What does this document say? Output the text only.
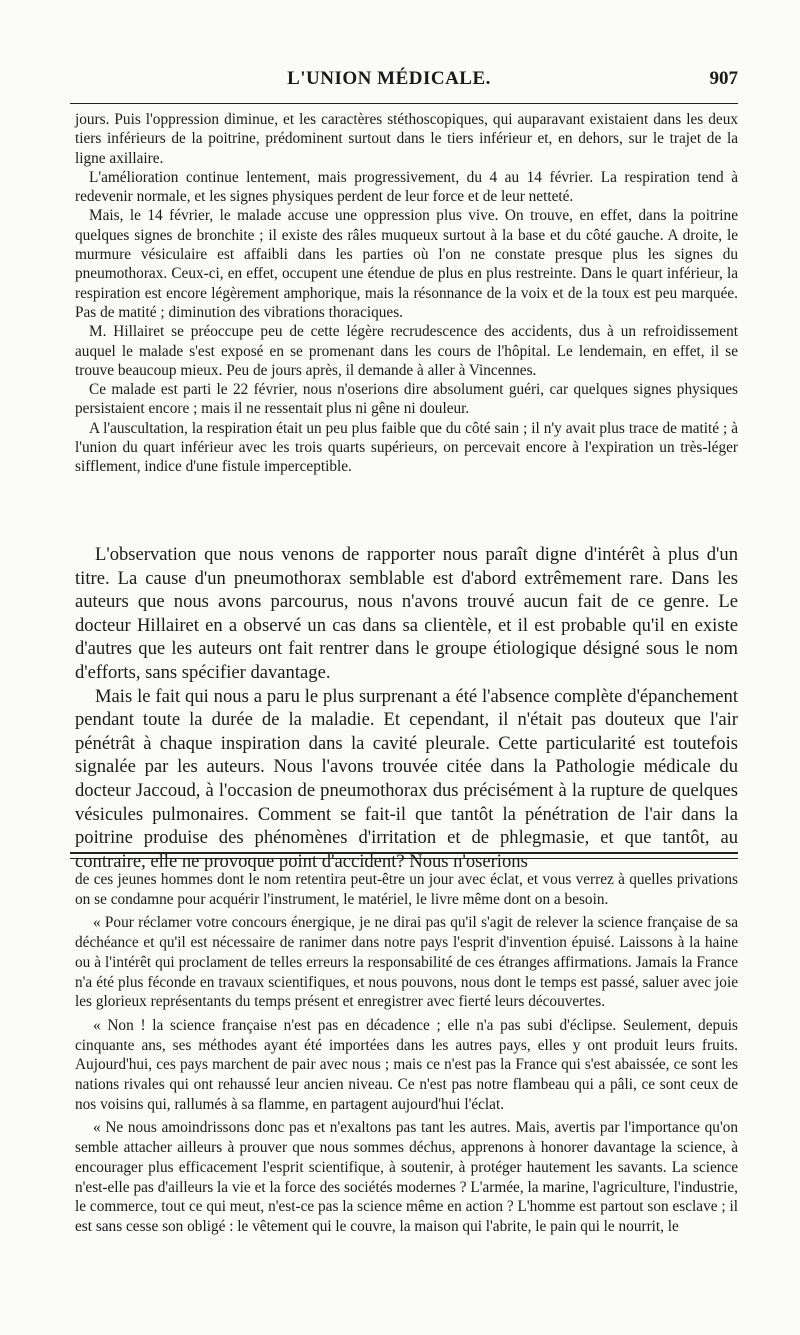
L'UNION MÉDICALE.	907

jours. Puis l'oppression diminue, et les caractères stéthoscopiques, qui auparavant existaient dans les deux tiers inférieurs de la poitrine, prédominent surtout dans le tiers inférieur et, en dehors, sur le trajet de la ligne axillaire.

L'amélioration continue lentement, mais progressivement, du 4 au 14 février. La respiration tend à redevenir normale, et les signes physiques perdent de leur force et de leur netteté.

Mais, le 14 février, le malade accuse une oppression plus vive. On trouve, en effet, dans la poitrine quelques signes de bronchite ; il existe des râles muqueux surtout à la base et du côté gauche. A droite, le murmure vésiculaire est affaibli dans les parties où l'on ne constate presque plus les signes du pneumothorax. Ceux-ci, en effet, occupent une étendue de plus en plus restreinte. Dans le quart inférieur, la respiration est encore légèrement amphorique, mais la résonnance de la voix et de la toux est peu marquée. Pas de matité ; diminution des vibrations thoraciques.

M. Hillairet se préoccupe peu de cette légère recrudescence des accidents, dus à un refroidissement auquel le malade s'est exposé en se promenant dans les cours de l'hôpital. Le lendemain, en effet, il se trouve beaucoup mieux. Peu de jours après, il demande à aller à Vincennes.

Ce malade est parti le 22 février, nous n'oserions dire absolument guéri, car quelques signes physiques persistaient encore ; mais il ne ressentait plus ni gêne ni douleur.

A l'auscultation, la respiration était un peu plus faible que du côté sain ; il n'y avait plus trace de matité ; à l'union du quart inférieur avec les trois quarts supérieurs, on percevait encore à l'expiration un très-léger sifflement, indice d'une fistule imperceptible.

L'observation que nous venons de rapporter nous paraît digne d'intérêt à plus d'un titre. La cause d'un pneumothorax semblable est d'abord extrêmement rare. Dans les auteurs que nous avons parcourus, nous n'avons trouvé aucun fait de ce genre. Le docteur Hillairet en a observé un cas dans sa clientèle, et il est probable qu'il en existe d'autres que les auteurs ont fait rentrer dans le groupe étiologique désigné sous le nom d'efforts, sans spécifier davantage.

Mais le fait qui nous a paru le plus surprenant a été l'absence complète d'épanchement pendant toute la durée de la maladie. Et cependant, il n'était pas douteux que l'air pénétrât à chaque inspiration dans la cavité pleurale. Cette particularité est toutefois signalée par les auteurs. Nous l'avons trouvée citée dans la Pathologie médicale du docteur Jaccoud, à l'occasion de pneumothorax dus précisément à la rupture de quelques vésicules pulmonaires. Comment se fait-il que tantôt la pénétration de l'air dans la poitrine produise des phénomènes d'irritation et de phlegmasie, et que tantôt, au contraire, elle ne provoque point d'accident? Nous n'oserions

de ces jeunes hommes dont le nom retentira peut-être un jour avec éclat, et vous verrez à quelles privations on se condamne pour acquérir l'instrument, le matériel, le livre même dont on a besoin.

« Pour réclamer votre concours énergique, je ne dirai pas qu'il s'agit de relever la science française de sa déchéance et qu'il est nécessaire de ranimer dans notre pays l'esprit d'invention épuisé. Laissons à la haine ou à l'intérêt qui proclament de telles erreurs la responsabilité de ces étranges affirmations. Jamais la France n'a été plus féconde en travaux scientifiques, et nous pouvons, nous dont le temps est passé, saluer avec joie les glorieux représentants du temps présent et enregistrer avec fierté leurs découvertes.

« Non ! la science française n'est pas en décadence ; elle n'a pas subi d'éclipse. Seulement, depuis cinquante ans, ses méthodes ayant été importées dans les autres pays, elles y ont produit leurs fruits. Aujourd'hui, ces pays marchent de pair avec nous ; mais ce n'est pas la France qui s'est abaissée, ce sont les nations rivales qui ont rehaussé leur ancien niveau. Ce n'est pas notre flambeau qui a pâli, ce sont ceux de nos voisins qui, rallumés à sa flamme, en partagent aujourd'hui l'éclat.

« Ne nous amoindrissons donc pas et n'exaltons pas tant les autres. Mais, avertis par l'importance qu'on semble attacher ailleurs à prouver que nous sommes déchus, apprenons à honorer davantage la science, à encourager plus efficacement l'esprit scientifique, à soutenir, à protéger hautement les savants. La science n'est-elle pas d'ailleurs la vie et la force des sociétés modernes ? L'armée, la marine, l'agriculture, l'industrie, le commerce, tout ce qui meut, n'est-ce pas la science même en action ? L'homme est partout son esclave ; il est sans cesse son obligé : le vêtement qui le couvre, la maison qui l'abrite, le pain qui le nourrit, le
